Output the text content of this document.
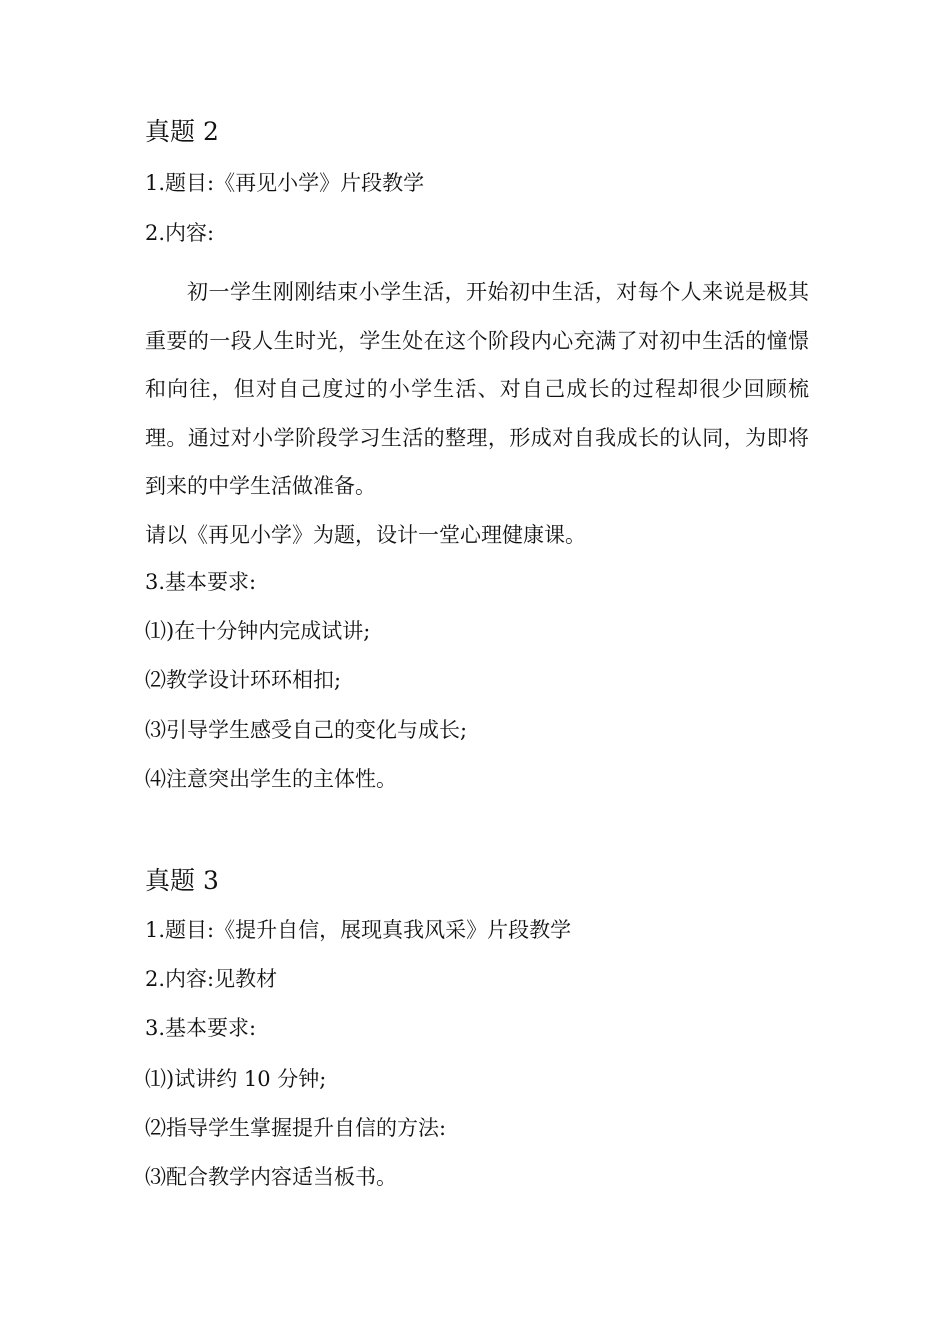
真题 2
1.题目:《再见小学》片段教学
2.内容:

初一学生刚刚结束小学生活，开始初中生活，对每个人来说是极其重要的一段人生时光，学生处在这个阶段内心充满了对初中生活的憧憬和向往，但对自己度过的小学生活、对自己成长的过程却很少回顾梳理。通过对小学阶段学习生活的整理，形成对自我成长的认同，为即将到来的中学生活做准备。

请以《再见小学》为题，设计一堂心理健康课。
3.基本要求:
⑴)在十分钟内完成试讲;
⑵教学设计环环相扣;
⑶引导学生感受自己的变化与成长;
⑷注意突出学生的主体性。
真题 3
1.题目:《提升自信，展现真我风采》片段教学
2.内容:见教材
3.基本要求:
⑴)试讲约 10 分钟;
⑵指导学生掌握提升自信的方法:
⑶配合教学内容适当板书。
